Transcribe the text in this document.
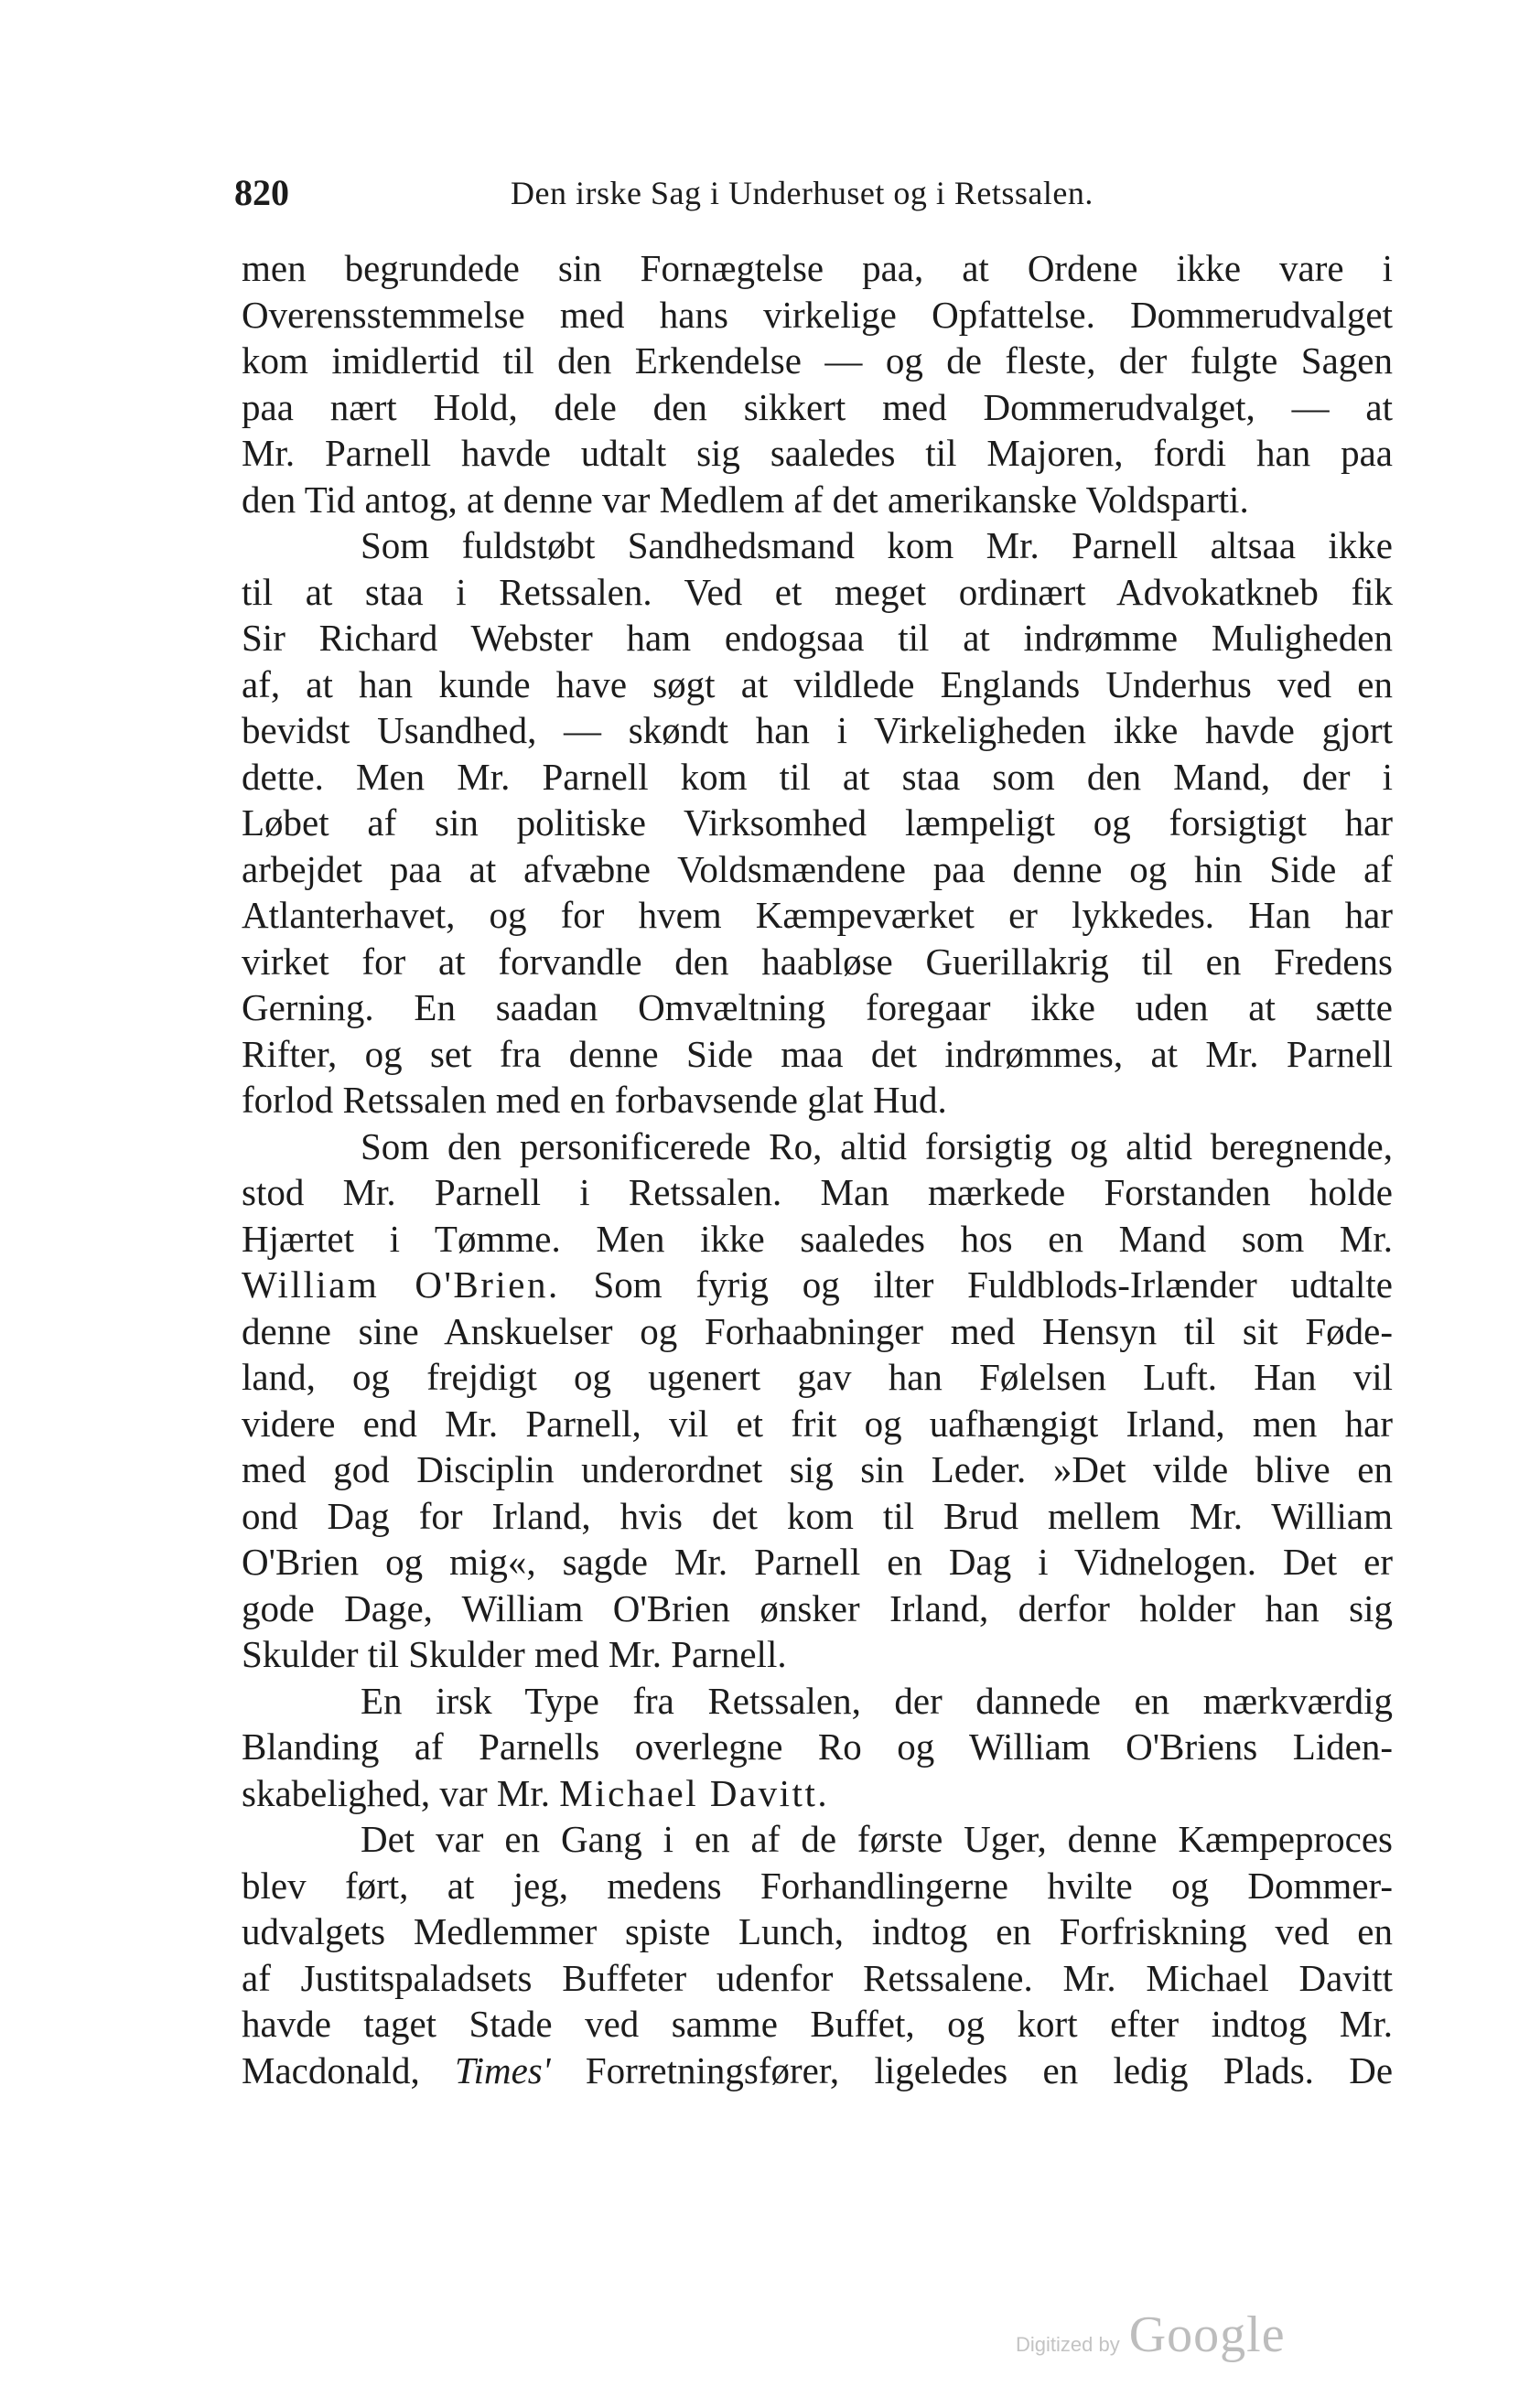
820	Den irske Sag i Underhuset og i Retssalen.
men begrundede sin Fornægtelse paa, at Ordene ikke vare i
Overensstemmelse med hans virkelige Opfattelse. Dommerudvalget
kom imidlertid til den Erkendelse — og de fleste, der fulgte Sagen
paa nært Hold, dele den sikkert med Dommerudvalget, — at
Mr. Parnell havde udtalt sig saaledes til Majoren, fordi han paa
den Tid antog, at denne var Medlem af det amerikanske Voldsparti.
Som fuldstøbt Sandhedsmand kom Mr. Parnell altsaa ikke
til at staa i Retssalen. Ved et meget ordinært Advokatkneb fik
Sir Richard Webster ham endogsaa til at indrømme Muligheden
af, at han kunde have søgt at vildlede Englands Underhus ved en
bevidst Usandhed, — skøndt han i Virkeligheden ikke havde gjort
dette. Men Mr. Parnell kom til at staa som den Mand, der i
Løbet af sin politiske Virksomhed læmpeligt og forsigtigt har
arbejdet paa at afvæbne Voldsmændene paa denne og hin Side af
Atlanterhavet, og for hvem Kæmpeværket er lykkedes. Han har
virket for at forvandle den haabløse Guerillakrig til en Fredens
Gerning. En saadan Omvæltning foregaar ikke uden at sætte
Rifter, og set fra denne Side maa det indrømmes, at Mr. Parnell
forlod Retssalen med en forbavsende glat Hud.
Som den personificerede Ro, altid forsigtig og altid beregnende,
stod Mr. Parnell i Retssalen. Man mærkede Forstanden holde
Hjærtet i Tømme. Men ikke saaledes hos en Mand som Mr.
William O'Brien. Som fyrig og ilter Fuldblods-Irlænder udtalte
denne sine Anskuelser og Forhaabninger med Hensyn til sit Føde-
land, og frejdigt og ugenert gav han Følelsen Luft. Han vil
videre end Mr. Parnell, vil et frit og uafhængigt Irland, men har
med god Disciplin underordnet sig sin Leder. »Det vilde blive en
ond Dag for Irland, hvis det kom til Brud mellem Mr. William
O'Brien og mig«, sagde Mr. Parnell en Dag i Vidnelogen. Det er
gode Dage, William O'Brien ønsker Irland, derfor holder han sig
Skulder til Skulder med Mr. Parnell.
En irsk Type fra Retssalen, der dannede en mærkværdig
Blanding af Parnells overlegne Ro og William O'Briens Liden-
skabelighed, var Mr. Michael Davitt.
Det var en Gang i en af de første Uger, denne Kæmpeproces
blev ført, at jeg, medens Forhandlingerne hvilte og Dommer-
udvalgets Medlemmer spiste Lunch, indtog en Forfriskning ved en
af Justitspaladsets Buffeter udenfor Retssalene. Mr. Michael Davitt
havde taget Stade ved samme Buffet, og kort efter indtog Mr.
Macdonald, Times' Forretningsfører, ligeledes en ledig Plads. De
Digitized by Google
